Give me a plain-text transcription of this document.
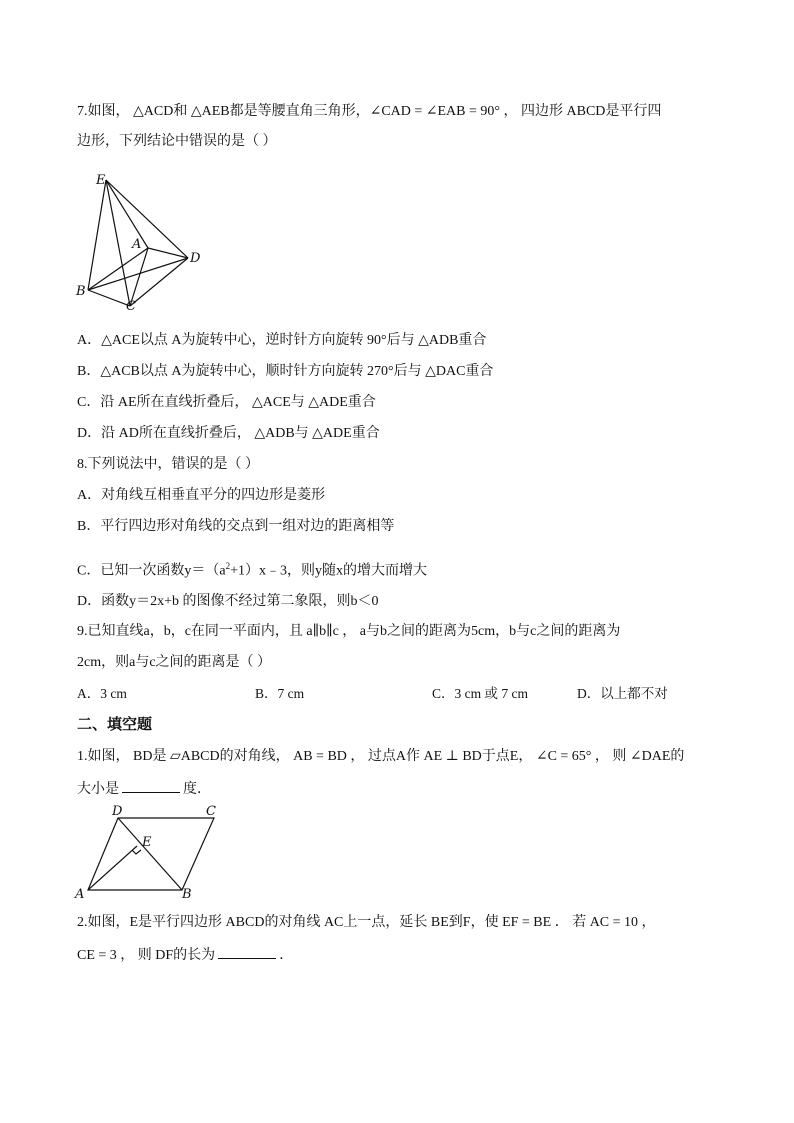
7.如图， △ACD和 △AEB都是等腰直角三角形，∠CAD = ∠EAB = 90° ， 四边形 ABCD是平行四
边形，下列结论中错误的是（ ）
E
A
D
B
C
A．△ACE以点 A为旋转中心，逆时针方向旋转 90°后与 △ADB重合
B．△ACB以点 A为旋转中心，顺时针方向旋转 270°后与 △DAC重合
C．沿 AE所在直线折叠后， △ACE与 △ADE重合
D．沿 AD所在直线折叠后， △ADB与 △ADE重合
8.下列说法中，错误的是（ ）
A．对角线互相垂直平分的四边形是菱形
B．平行四边形对角线的交点到一组对边的距离相等
C．已知一次函数$y=(a^2+1)x﹣3$，则y随x的增大而增大
D．函数y＝2x+b 的图像不经过第二象限，则b＜0
9.已知直线a，b，c在同一平面内，且 a∥b∥c ， a与b之间的距离为5cm，b与c之间的距离为
2cm，则a与c之间的距离是（ ）
A．3 cm	B．7 cm	C．3 cm 或 7 cm	D．以上都不对
二、填空题
1.如图， BD是 ▱ABCD的对角线， AB = BD ， 过点A作 AE ⊥ BD于点E， ∠C = 65° ， 则 ∠DAE的
大小是	度．
D	C
E
A	B
2.如图，E是平行四边形 ABCD的对角线 AC上一点，延长 BE到F，使 EF = BE ． 若 AC = 10 ，
CE = 3 ， 则 DF的长为	．
